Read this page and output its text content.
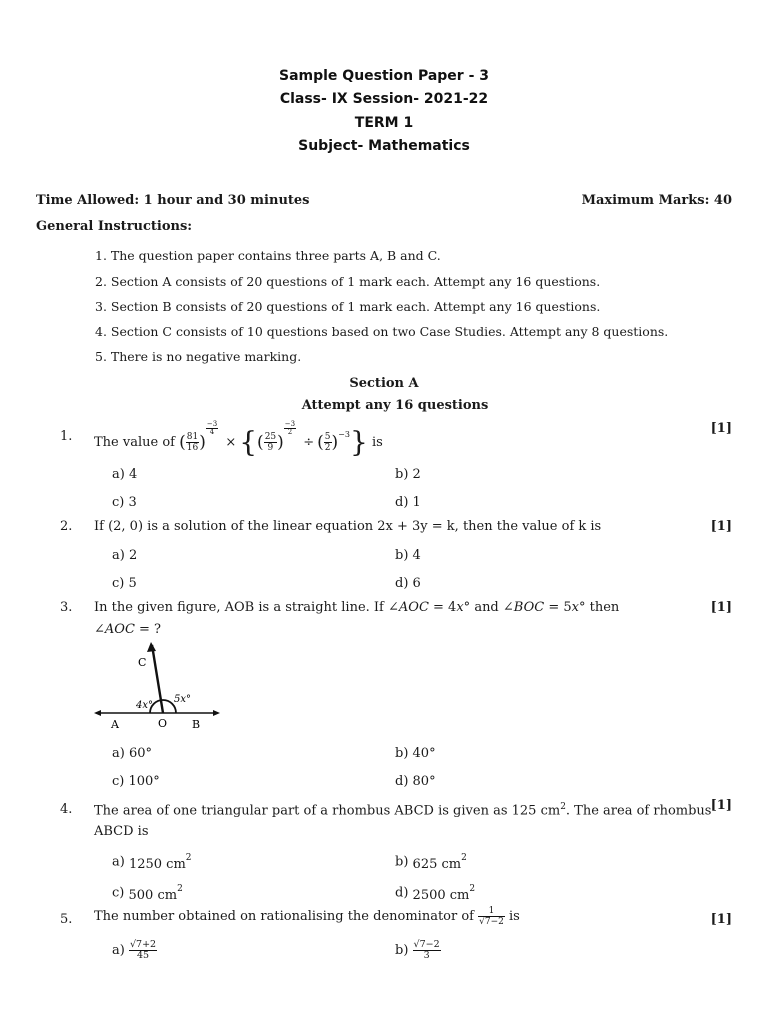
Sample Question Paper - 3
Class- IX Session- 2021-22
TERM 1
Subject- Mathematics
Time Allowed: 1 hour and 30 minutes	Maximum Marks: 40
General Instructions:
1. The question paper contains three parts A, B and C.
2. Section A consists of 20 questions of 1 mark each. Attempt any 16 questions.
3. Section B consists of 20 questions of 1 mark each. Attempt any 16 questions.
4. Section C consists of 10 questions based on two Case Studies. Attempt any 8 questions.
5. There is no negative marking.
Section A
Attempt any 16 questions
1. The value of ( $\frac{81}{16}$ )
$\frac{-3}{4}$
× {( $\frac{25}{9}$ )
$\frac{-3}{2}$
÷ ( $\frac{5}{2} )^{-3}$} is
[1]
a) 4	b) 2
c) 3	d) 1
2. If (2, 0) is a solution of the linear equation 2x + 3y = k, then the value of k is	[1]
a) 2	b) 4
c) 5	d) 6
3. In the given figure, AOB is a straight line. If ∠AOC = 4x° and ∠BOC = 5x° then
∠AOC = ?
[1]
C
A	O B
4x°
5x°
a) 60°	b) 40°
c) 100°	d) 80°
4. The area of one triangular part of a rhombus ABCD is given as 125 $cm^2$. The area of rhombus
ABCD is
[1]
a) 1250 $cm^2$	b) 625 $cm^2$
c) 500 $cm^2$	d) 2500 $cm^2$
5. The number obtained on rationalising the denominator of $\frac{1}{√7-2}$ is	[1]
$a) \frac{√7+2}{45}$	$b) \frac{√7-2}{3}$
